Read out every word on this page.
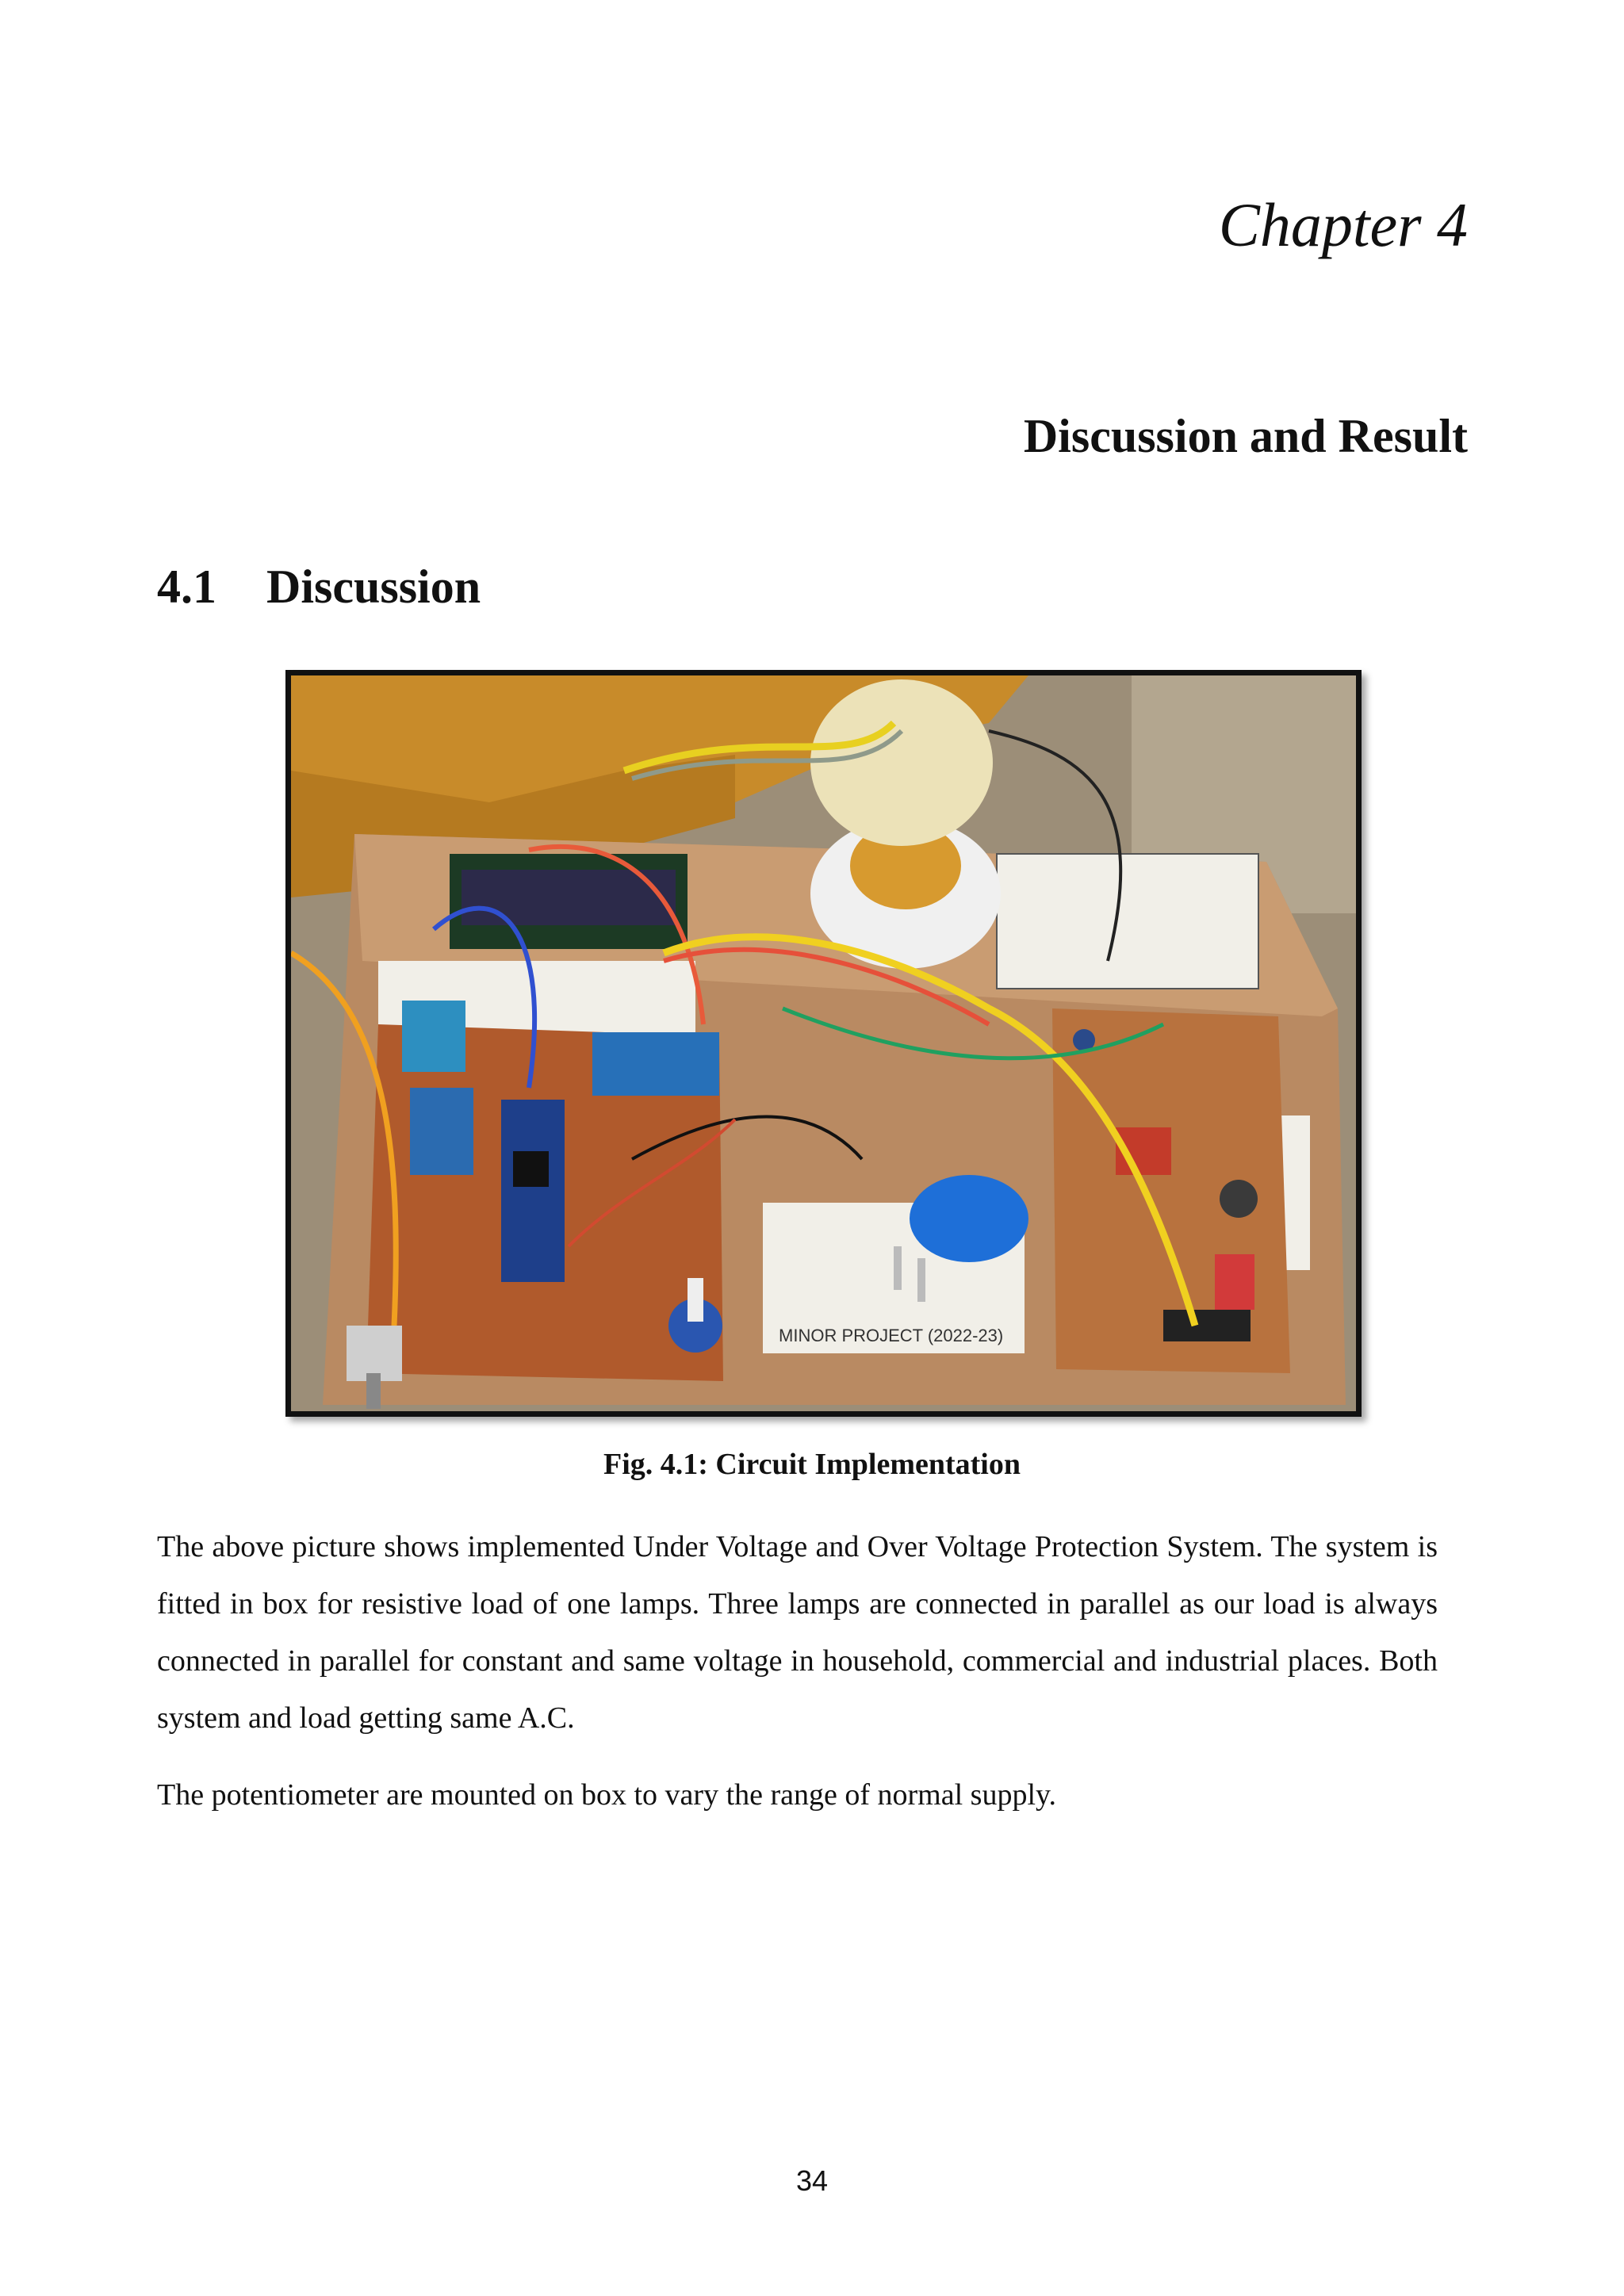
Chapter 4
Discussion and Result
4.1 Discussion
MINOR PROJECT (2022-23)
Fig. 4.1: Circuit Implementation

The above picture shows implemented Under Voltage and Over Voltage Protection System. The system is fitted in box for resistive load of one lamps. Three lamps are connected in parallel as our load is always connected in parallel for constant and same voltage in household, commercial and industrial places. Both system and load getting same A.C.

The potentiometer are mounted on box to vary the range of normal supply.

34
